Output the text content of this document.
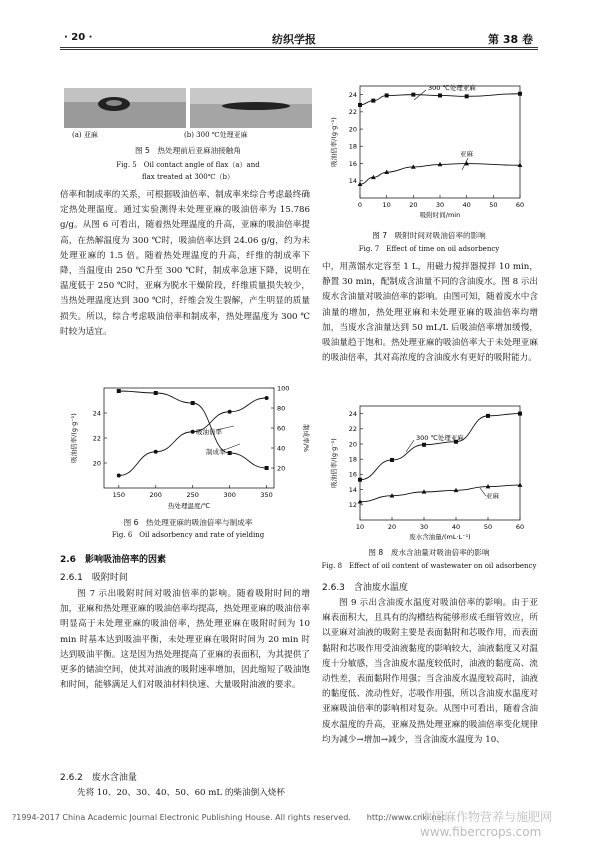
· 20 ·	纺织学报	第 38 卷
(a) 亚麻	(b) 300 ℃处理亚麻
图 5　热处理前后亚麻油接触角
Fig. 5　Oil contact angle of flax（a）and
flax treated at 300℃（b）

倍率和制成率的关系，可根据吸油倍率、制成率来综合考虑最终确定热处理温度。通过实验测得未处理亚麻的吸油倍率为 15.786 g/g。从图 6 可看出，随着热处理温度的升高，亚麻的吸油倍率提高，在热解温度为 300 ℃时，吸油倍率达到 24.06 g/g，约为未处理亚麻的 1.5 倍。随着热处理温度的升高，纤维的制成率下降，当温度由 250 ℃升至 300 ℃时，制成率急速下降，说明在温度低于 250 ℃时，亚麻为脱水干燥阶段，纤维质量损失较少，当热处理温度达到 300 ℃时，纤维会发生裂解，产生明显的质量损失。所以，综合考虑吸油倍率和制成率，热处理温度为 300 ℃时较为适宜。

150	200	250	300	350
20
22
24
20
40
60
80
100
热处理温度/℃
吸油倍率/(g·g⁻¹)	制成率/%
吸油倍率
制成率
图 6　热处理亚麻的吸油倍率与制成率
Fig. 6　Oil adsorbency and rate of yielding
2.6　影响吸油倍率的因素
2.6.1　吸附时间

图 7 示出吸附时间对吸油倍率的影响。随着吸附时间的增加，亚麻和热处理亚麻的吸油倍率均提高，热处理亚麻的吸油倍率明显高于未处理亚麻的吸油倍率，热处理亚麻在吸附时间为 10 min 时基本达到吸油平衡，未处理亚麻在吸附时间为 20 min 时达到吸油平衡。这是因为热处理提高了亚麻的表面积，为其提供了更多的储油空间，使其对油液的吸附速率增加，因此缩短了吸油饱和时间，能够满足人们对吸油材料快速、大量吸附油液的要求。

2.6.2　废水含油量

先将 10、20、30、40、50、60 mL 的柴油倒入烧杯

0	10	20	30	40	50	60
14
16
18
20
22
24
吸附时间/min
吸油倍率/(g·g⁻¹)
300 ℃处理亚麻
亚麻
图 7　吸附时间对吸油倍率的影响
Fig. 7　Effect of time on oil adsorbency

中，用蒸馏水定容至 1 L，用磁力搅拌器搅拌 10 min，静置 30 min，配制成含油量不同的含油废水。图 8 示出废水含油量对吸油倍率的影响。由图可知，随着废水中含油量的增加，热处理亚麻和未处理亚麻的吸油倍率均增加，当废水含油量达到 50 mL/L 后吸油倍率增加缓慢，吸油量趋于饱和。热处理亚麻的吸油倍率大于未处理亚麻的吸油倍率，其对高浓度的含油废水有更好的吸附能力。

10	20	30	40	50	60
12
14
16
18
20
22
24
废水含油量/(mL·L⁻¹)
吸油倍率/(g·g⁻¹)
300 ℃处理亚麻
亚麻
图 8　废水含油量对吸油倍率的影响
Fig. 8　Effect of oil content of wastewater on oil adsorbency
2.6.3　含油废水温度

图 9 示出含油废水温度对吸油倍率的影响。由于亚麻表面积大，且具有的沟槽结构能够形成毛细管效应，所以亚麻对油液的吸附主要是表面黏附和芯吸作用，而表面黏附和芯吸作用受油液黏度的影响较大，油液黏度又对温度十分敏感，当含油废水温度较低时，油液的黏度高、流动性差，表面黏附作用强；当含油废水温度较高时，油液的黏度低、流动性好，芯吸作用强，所以含油废水温度对亚麻吸油倍率的影响相对复杂。从图中可看出，随着含油废水温度的升高，亚麻及热处理亚麻的吸油倍率变化规律均为减少→增加→减少，当含油废水温度为 10、

?1994-2017 China Academic Journal Electronic Publishing House. All rights reserved.　　http://www.cnki.net
中国麻作物营养与施肥网　www.fibercrops.com
